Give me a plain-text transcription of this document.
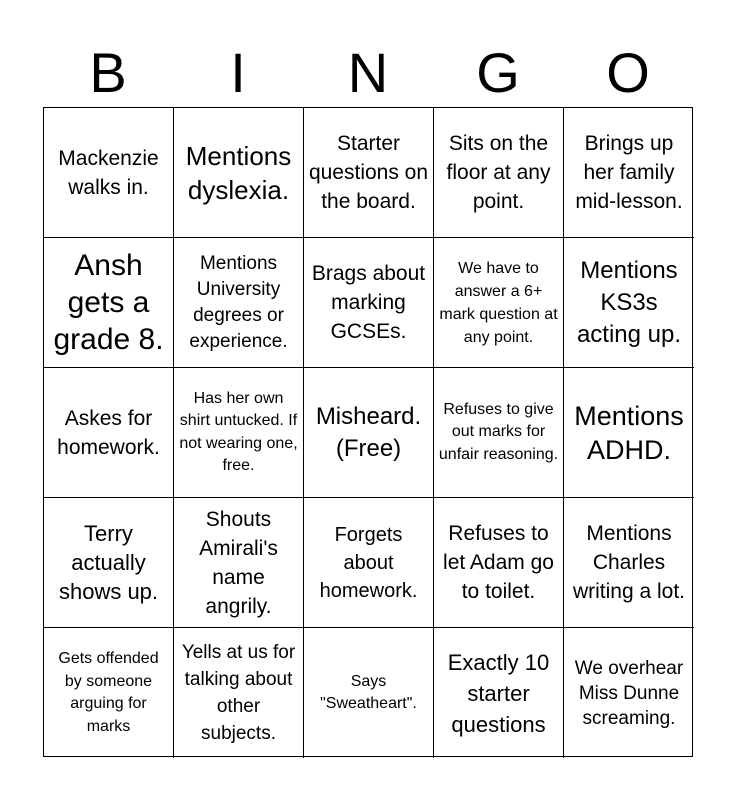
B	I	N	G	O
Mackenzie walks in.
Mentions dyslexia.
Starter questions on the board.
Sits on the floor at any point.
Brings up her family mid-lesson.
Ansh gets a grade 8.
Mentions University degrees or experience.
Brags about marking GCSEs.
We have to answer a 6+ mark question at any point.
Mentions KS3s acting up.
Askes for homework.
Has her own shirt untucked. If not wearing one, free.
Misheard. (Free)
Refuses to give out marks for unfair reasoning.
Mentions ADHD.
Terry actually shows up.
Shouts Amirali's name angrily.
Forgets about homework.
Refuses to let Adam go to toilet.
Mentions Charles writing a lot.
Gets offended by someone arguing for marks
Yells at us for talking about other subjects.
Says "Sweatheart".
Exactly 10 starter questions
We overhear Miss Dunne screaming.
